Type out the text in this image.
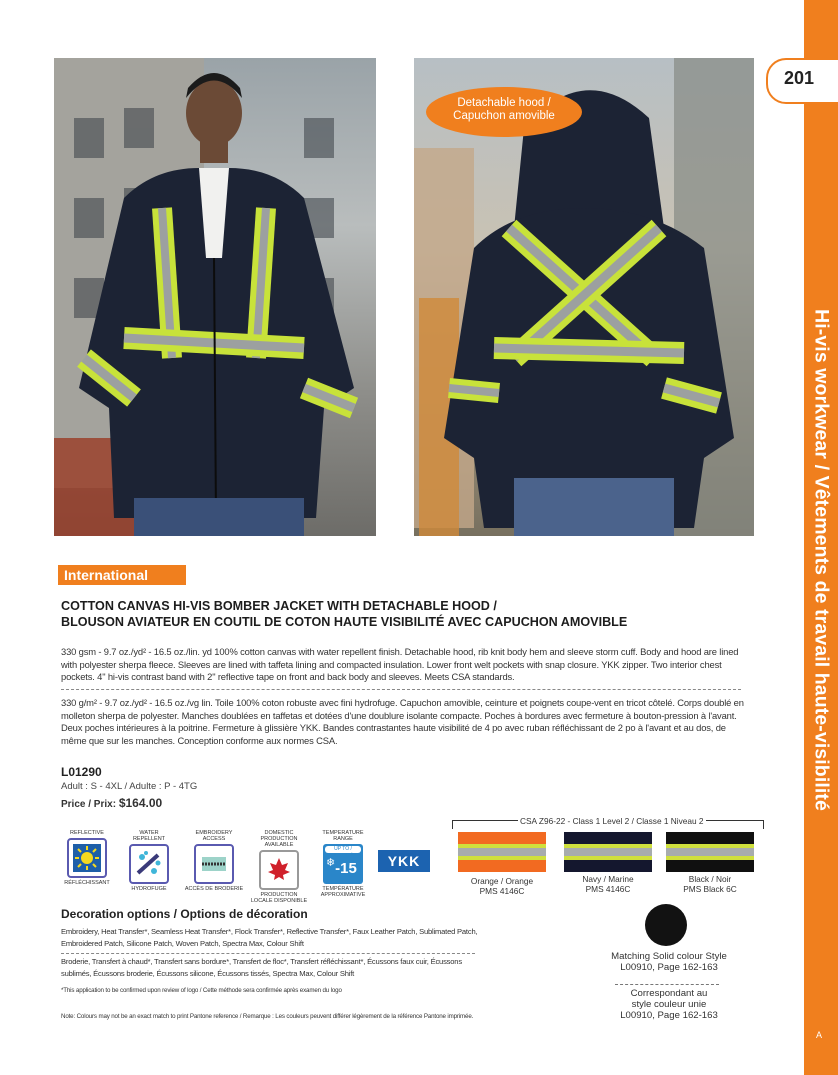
201
Hi-vis workwear / Vêtements de travail haute-visibilité
A
Detachable hood /
Capuchon amovible
International
COTTON CANVAS HI-VIS BOMBER JACKET WITH DETACHABLE HOOD /
BLOUSON AVIATEUR EN COUTIL DE COTON HAUTE VISIBILITÉ AVEC CAPUCHON AMOVIBLE
330 gsm - 9.7 oz./yd² - 16.5 oz./lin. yd 100% cotton canvas with water repellent finish. Detachable hood, rib knit body hem and sleeve storm cuff. Body and hood are lined with polyester sherpa fleece. Sleeves are lined with taffeta lining and compacted insulation. Lower front welt pockets with snap closure. YKK zipper. Two interior chest pockets. 4" hi-vis contrast band with 2" reflective tape on front and back body and sleeves. Meets CSA standards.
330 g/m² - 9.7 oz./yd² - 16.5 oz./vg lin. Toile 100% coton robuste avec fini hydrofuge. Capuchon amovible, ceinture et poignets coupe-vent en tricot côtelé. Corps doublé en molleton sherpa de polyester. Manches doublées en taffetas et dotées d'une doublure isolante compacte. Poches à bordures avec fermeture à bouton-pression à l'avant. Deux poches intérieures à la poitrine. Fermeture à glissière YKK. Bandes contrastantes haute visibilité de 4 po avec ruban réfléchissant de 2 po à l'avant et au dos, de même que sur les manches. Conception conforme aux normes CSA.
L01290
Adult : S - 4XL / Adulte : P - 4TG
Price / Prix: $164.00
REFLECTIVE
RÉFLÉCHISSANT
WATER REPELLENT
HYDROFUGE
EMBROIDERY ACCESS
ACCÈS DE BRODERIE
DOMESTIC PRODUCTION AVAILABLE
PRODUCTION LOCALE DISPONIBLE
TEMPERATURE RANGE
UP TO / JUSQU'À
-15
❄
TEMPÉRATURE APPROXIMATIVE
YKK
CSA Z96-22 - Class 1 Level 2 / Classe 1 Niveau 2
Orange / Orange
PMS 4146C
Navy / Marine
PMS 4146C
Black / Noir
PMS Black 6C
Matching Solid colour Style
L00910, Page 162-163
Correspondant au
style couleur unie
L00910, Page 162-163
Decoration options / Options de décoration
Embroidery, Heat Transfer*, Seamless Heat Transfer*, Flock Transfer*, Reflective Transfer*, Faux Leather Patch, Sublimated Patch, Embroidered Patch, Silicone Patch, Woven Patch, Spectra Max, Colour Shift
Broderie, Transfert à chaud*, Transfert sans bordure*, Transfert de floc*, Transfert réfléchissant*, Écussons faux cuir, Écussons sublimés, Écussons broderie, Écussons silicone, Écussons tissés, Spectra Max, Colour Shift
*This application to be confirmed upon review of logo / Cette méthode sera confirmée après examen du logo
Note: Colours may not be an exact match to print Pantone reference / Remarque : Les couleurs peuvent différer légèrement de la référence Pantone imprimée.
